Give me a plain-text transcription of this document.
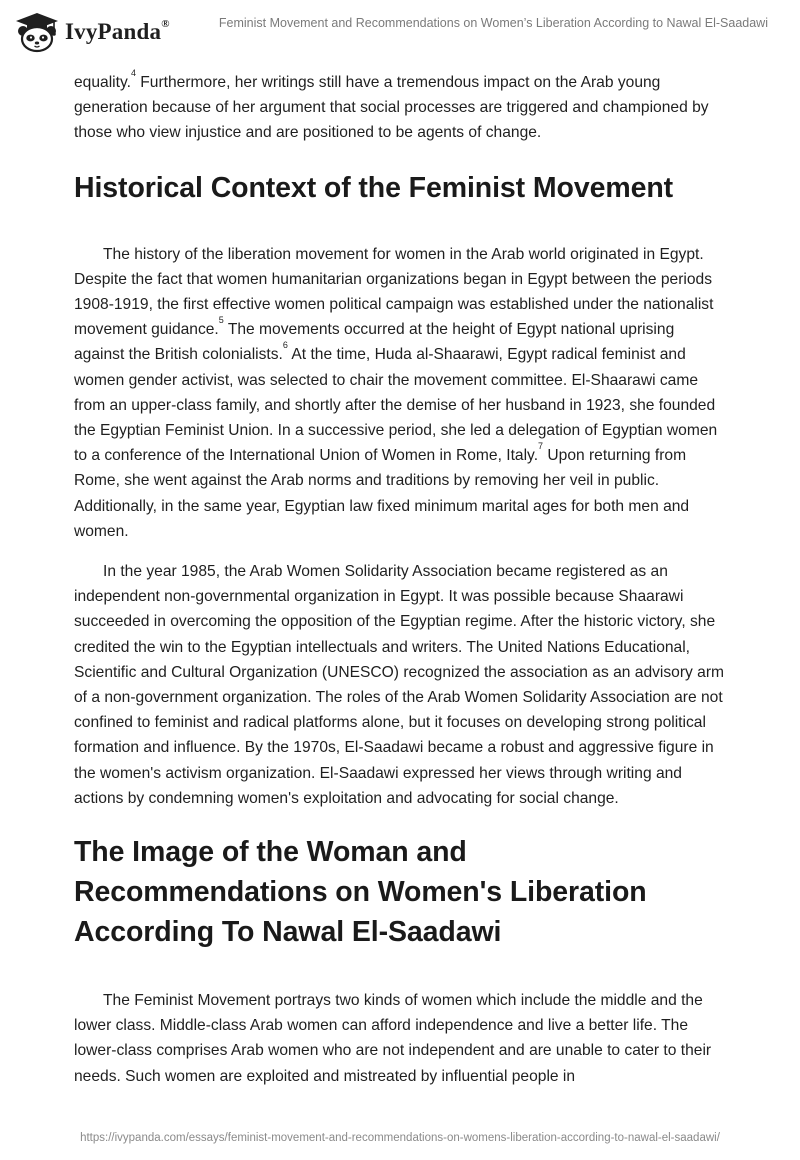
IvyPanda®	Feminist Movement and Recommendations on Women’s Liberation According to Nawal El-Saadawi

equality.$^4$ Furthermore, her writings still have a tremendous impact on the Arab young generation because of her argument that social processes are triggered and championed by those who view injustice and are positioned to be agents of change.

Historical Context of the Feminist Movement

The history of the liberation movement for women in the Arab world originated in Egypt. Despite the fact that women humanitarian organizations began in Egypt between the periods 1908-1919, the first effective women political campaign was established under the nationalist movement guidance.$^5$ The movements occurred at the height of Egypt national uprising against the British colonialists.$^6$ At the time, Huda al-Shaarawi, Egypt radical feminist and women gender activist, was selected to chair the movement committee. El-Shaarawi came from an upper-class family, and shortly after the demise of her husband in 1923, she founded the Egyptian Feminist Union. In a successive period, she led a delegation of Egyptian women to a conference of the International Union of Women in Rome, Italy.$^7$ Upon returning from Rome, she went against the Arab norms and traditions by removing her veil in public. Additionally, in the same year, Egyptian law fixed minimum marital ages for both men and women.

In the year 1985, the Arab Women Solidarity Association became registered as an independent non-governmental organization in Egypt. It was possible because Shaarawi succeeded in overcoming the opposition of the Egyptian regime. After the historic victory, she credited the win to the Egyptian intellectuals and writers. The United Nations Educational, Scientific and Cultural Organization (UNESCO) recognized the association as an advisory arm of a non-government organization. The roles of the Arab Women Solidarity Association are not confined to feminist and radical platforms alone, but it focuses on developing strong political formation and influence. By the 1970s, El-Saadawi became a robust and aggressive figure in the women's activism organization. El-Saadawi expressed her views through writing and actions by condemning women's exploitation and advocating for social change.

The Image of the Woman and Recommendations on Women's Liberation According To Nawal El-Saadawi

The Feminist Movement portrays two kinds of women which include the middle and the lower class. Middle-class Arab women can afford independence and live a better life. The lower-class comprises Arab women who are not independent and are unable to cater to their needs. Such women are exploited and mistreated by influential people in

https://ivypanda.com/essays/feminist-movement-and-recommendations-on-womens-liberation-according-to-nawal-el-saadawi/
